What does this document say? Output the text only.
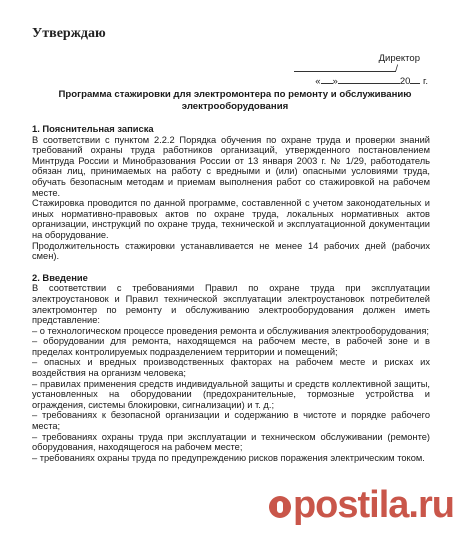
Утверждаю
Директор
/
« »	20 г.
Программа стажировки для электромонтера по ремонту и обслуживанию
электрооборудования
1. Пояснительная записка

В соответствии с пунктом 2.2.2 Порядка обучения по охране труда и проверки знаний требований охраны труда работников организаций, утвержденного постановлением Минтруда России и Минобразования России от 13 января 2003 г. № 1/29, работодатель обязан лиц, принимаемых на работу с вредными и (или) опасными условиями труда, обучать безопасным методам и приемам выполнения работ со стажировкой на рабочем месте.

Стажировка проводится по данной программе, составленной с учетом законодательных и иных нормативно-правовых актов по охране труда, локальных нормативных актов организации, инструкций по охране труда, технической и эксплуатационной документации на оборудование.

Продолжительность стажировки устанавливается не менее 14 рабочих дней (рабочих смен).

2. Введение

В соответствии с требованиями Правил по охране труда при эксплуатации электроустановок и Правил технической эксплуатации электроустановок потребителей электромонтер по ремонту и обслуживанию электрооборудования должен иметь представление:

– о технологическом процессе проведения ремонта и обслуживания электрооборудования;

– оборудовании для ремонта, находящемся на рабочем месте, в рабочей зоне и в пределах контролируемых подразделением территории и помещений;

– опасных и вредных производственных факторах на рабочем месте и рисках их воздействия на организм человека;

– правилах применения средств индивидуальной защиты и средств коллективной защиты, установленных на оборудовании (предохранительные, тормозные устройства и ограждения, системы блокировки, сигнализации) и т. д.;

– требованиях к безопасной организации и содержанию в чистоте и порядке рабочего места;

– требованиях охраны труда при эксплуатации и техническом обслуживании (ремонте) оборудования, находящегося на рабочем месте;

– требованиях охраны труда по предупреждению рисков поражения электрическим током.

postila.ru
